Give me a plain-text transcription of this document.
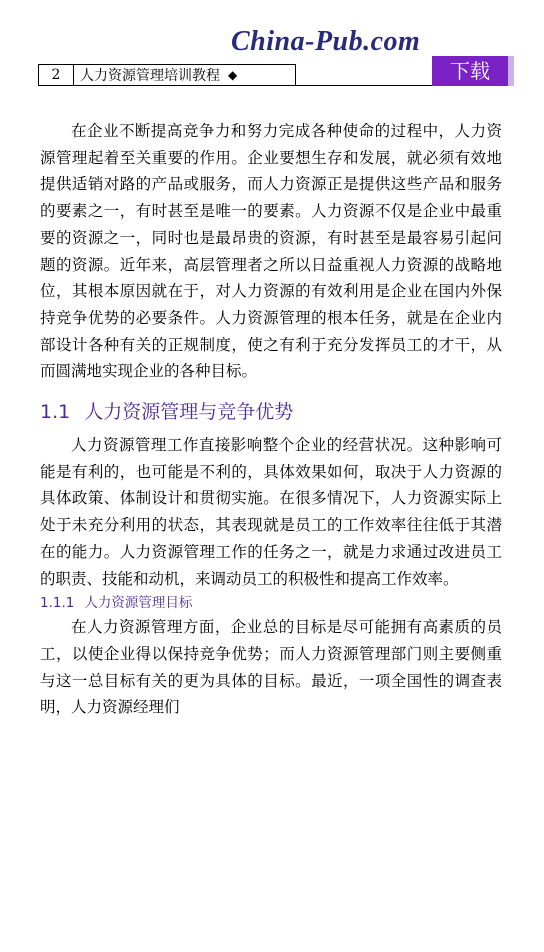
China-Pub.com
下载
2	人力资源管理培训教程 ◆

在企业不断提高竞争力和努力完成各种使命的过程中，人力资源管理起着至关重要的作用。企业要想生存和发展，就必须有效地提供适销对路的产品或服务，而人力资源正是提供这些产品和服务的要素之一，有时甚至是唯一的要素。人力资源不仅是企业中最重要的资源之一，同时也是最昂贵的资源，有时甚至是最容易引起问题的资源。近年来，高层管理者之所以日益重视人力资源的战略地位，其根本原因就在于，对人力资源的有效利用是企业在国内外保持竞争优势的必要条件。人力资源管理的根本任务，就是在企业内部设计各种有关的正规制度，使之有利于充分发挥员工的才干，从而圆满地实现企业的各种目标。

1.1 人力资源管理与竞争优势

人力资源管理工作直接影响整个企业的经营状况。这种影响可能是有利的，也可能是不利的，具体效果如何，取决于人力资源的具体政策、体制设计和贯彻实施。在很多情况下，人力资源实际上处于未充分利用的状态，其表现就是员工的工作效率往往低于其潜在的能力。人力资源管理工作的任务之一，就是力求通过改进员工的职责、技能和动机，来调动员工的积极性和提高工作效率。

1.1.1 人力资源管理目标

在人力资源管理方面，企业总的目标是尽可能拥有高素质的员工，以使企业得以保持竞争优势；而人力资源管理部门则主要侧重与这一总目标有关的更为具体的目标。最近，一项全国性的调查表明，人力资源经理们
